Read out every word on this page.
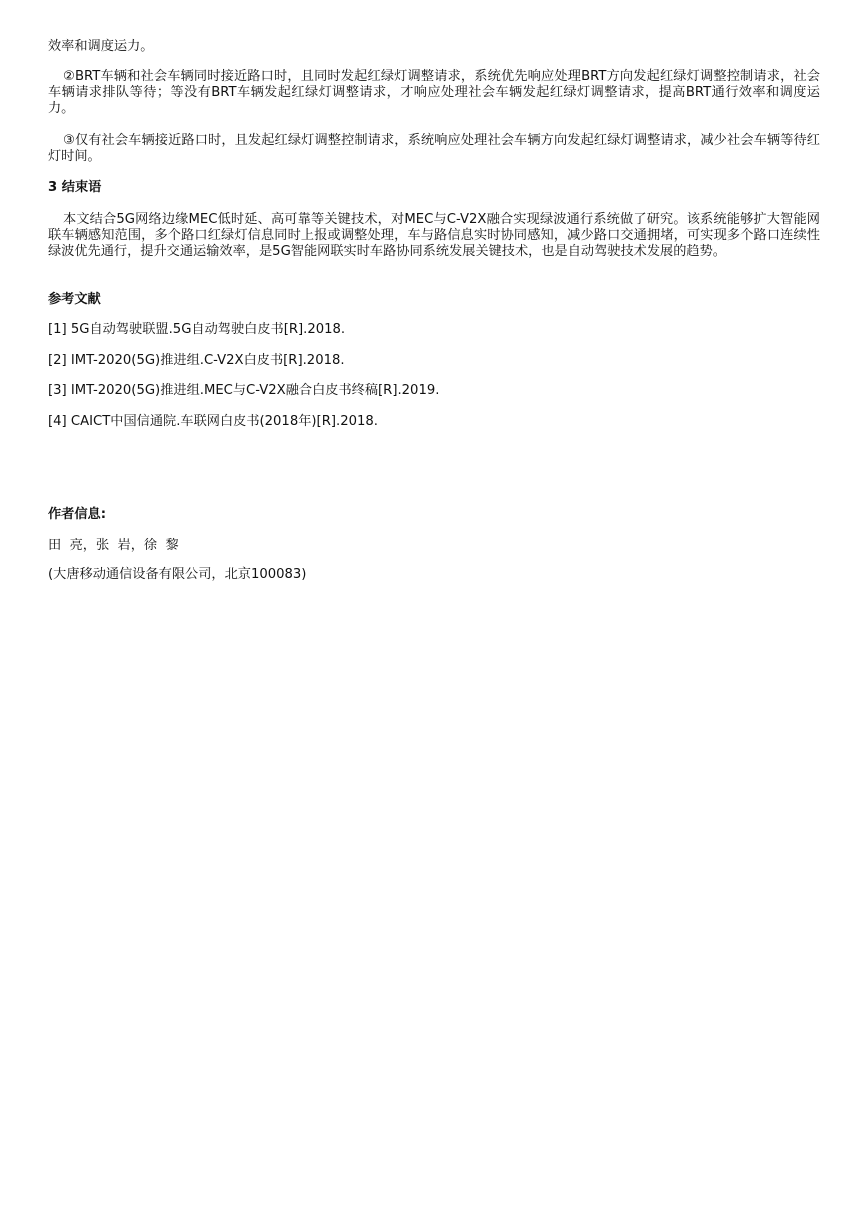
效率和调度运力。

②BRT车辆和社会车辆同时接近路口时，且同时发起红绿灯调整请求，系统优先响应处理BRT方向发起红绿灯调整控制请求，社会车辆请求排队等待；等没有BRT车辆发起红绿灯调整请求，才响应处理社会车辆发起红绿灯调整请求，提高BRT通行效率和调度运力。

③仅有社会车辆接近路口时，且发起红绿灯调整控制请求，系统响应处理社会车辆方向发起红绿灯调整请求，减少社会车辆等待红灯时间。

3 结束语

本文结合5G网络边缘MEC低时延、高可靠等关键技术，对MEC与C-V2X融合实现绿波通行系统做了研究。该系统能够扩大智能网联车辆感知范围，多个路口红绿灯信息同时上报或调整处理，车与路信息实时协同感知，减少路口交通拥堵，可实现多个路口连续性绿波优先通行，提升交通运输效率，是5G智能网联实时车路协同系统发展关键技术，也是自动驾驶技术发展的趋势。

参考文献

[1] 5G自动驾驶联盟.5G自动驾驶白皮书[R].2018.

[2] IMT-2020(5G)推进组.C-V2X白皮书[R].2018.

[3] IMT-2020(5G)推进组.MEC与C-V2X融合白皮书终稿[R].2019.

[4] CAICT中国信通院.车联网白皮书(2018年)[R].2018.

作者信息:

田  亮，张  岩，徐  黎

(大唐移动通信设备有限公司，北京100083)
